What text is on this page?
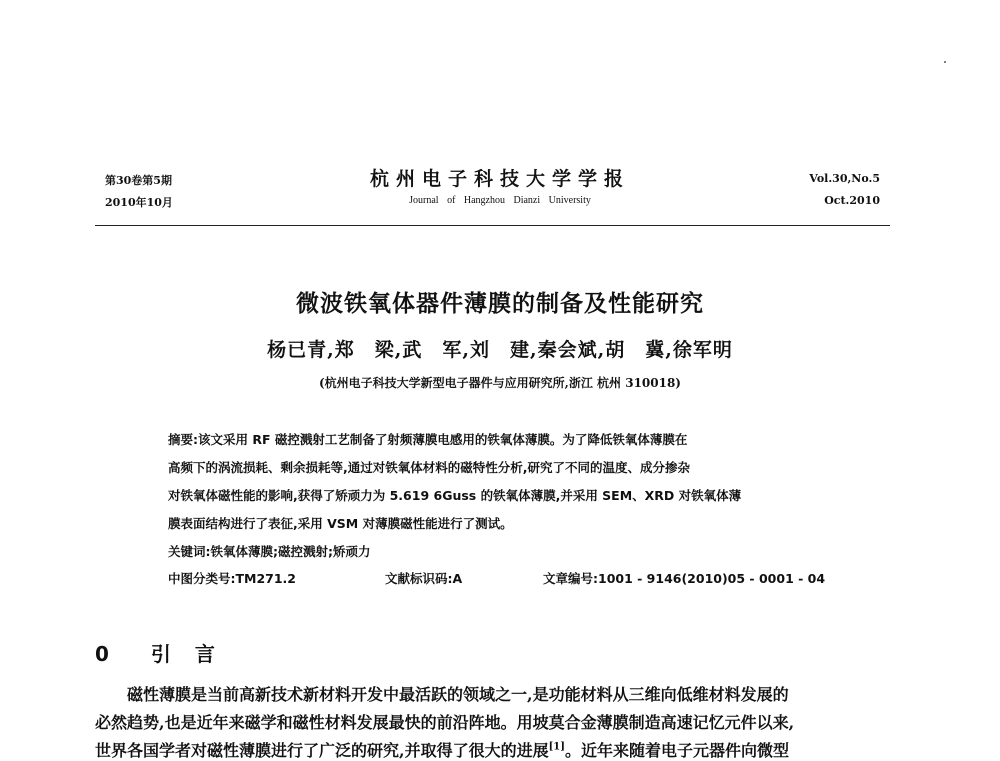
第30卷第5期
2010年10月
杭州电子科技大学学报
Journal of Hangzhou Dianzi University
Vol.30,No.5
Oct.2010
微波铁氧体器件薄膜的制备及性能研究
杨已青,郑　梁,武　军,刘　建,秦会斌,胡　冀,徐军明
(杭州电子科技大学新型电子器件与应用研究所,浙江 杭州 310018)
摘要:该文采用 RF 磁控溅射工艺制备了射频薄膜电感用的铁氧体薄膜。为了降低铁氧体薄膜在
高频下的涡流损耗、剩余损耗等,通过对铁氧体材料的磁特性分析,研究了不同的温度、成分掺杂
对铁氧体磁性能的影响,获得了矫顽力为 5.619 6Guss 的铁氧体薄膜,并采用 SEM、XRD 对铁氧体薄
膜表面结构进行了表征,采用 VSM 对薄膜磁性能进行了测试。
关键词:铁氧体薄膜;磁控溅射;矫顽力
中图分类号:TM271.2	文献标识码:A	文章编号:1001 - 9146(2010)05 - 0001 - 04
0 引　言
　　磁性薄膜是当前高新技术新材料开发中最活跃的领域之一,是功能材料从三维向低维材料发展的
必然趋势,也是近年来磁学和磁性材料发展最快的前沿阵地。用坡莫合金薄膜制造高速记忆元件以来,
世界各国学者对磁性薄膜进行了广泛的研究,并取得了很大的进展[1]。近年来随着电子元器件向微型
